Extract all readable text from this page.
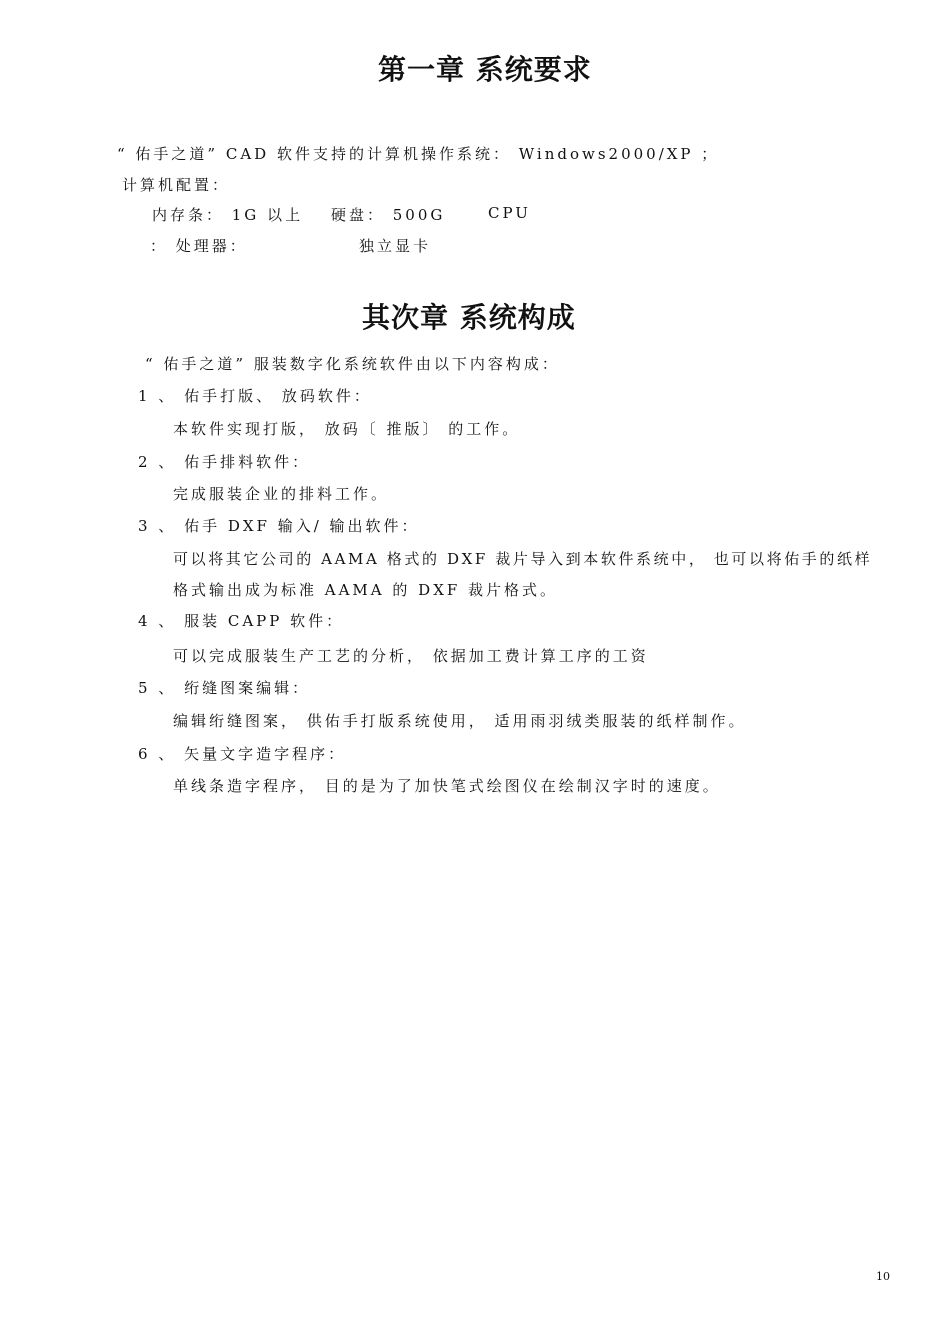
第一章 系统要求
“ 佑手之道” CAD 软件支持的计算机操作系统： Windows2000/XP ；
计算机配置：
内存条： 1G 以上 硬盘： 500G	CPU
： 处理器：	独立显卡
其次章 系统构成
“ 佑手之道” 服装数字化系统软件由以下内容构成：
1 、 佑手打版、 放码软件：
本软件实现打版， 放码〔 推版〕 的工作。
2 、 佑手排料软件：
完成服装企业的排料工作。
3 、 佑手 DXF 输入/ 输出软件：
可以将其它公司的 AAMA 格式的 DXF 裁片导入到本软件系统中， 也可以将佑手的纸样
格式输出成为标准 AAMA 的 DXF 裁片格式。
4 、 服装 CAPP 软件：
可以完成服装生产工艺的分析， 依据加工费计算工序的工资
5 、 绗缝图案编辑：
编辑绗缝图案， 供佑手打版系统使用， 适用雨羽绒类服装的纸样制作。
6 、 矢量文字造字程序：
单线条造字程序， 目的是为了加快笔式绘图仪在绘制汉字时的速度。
10
